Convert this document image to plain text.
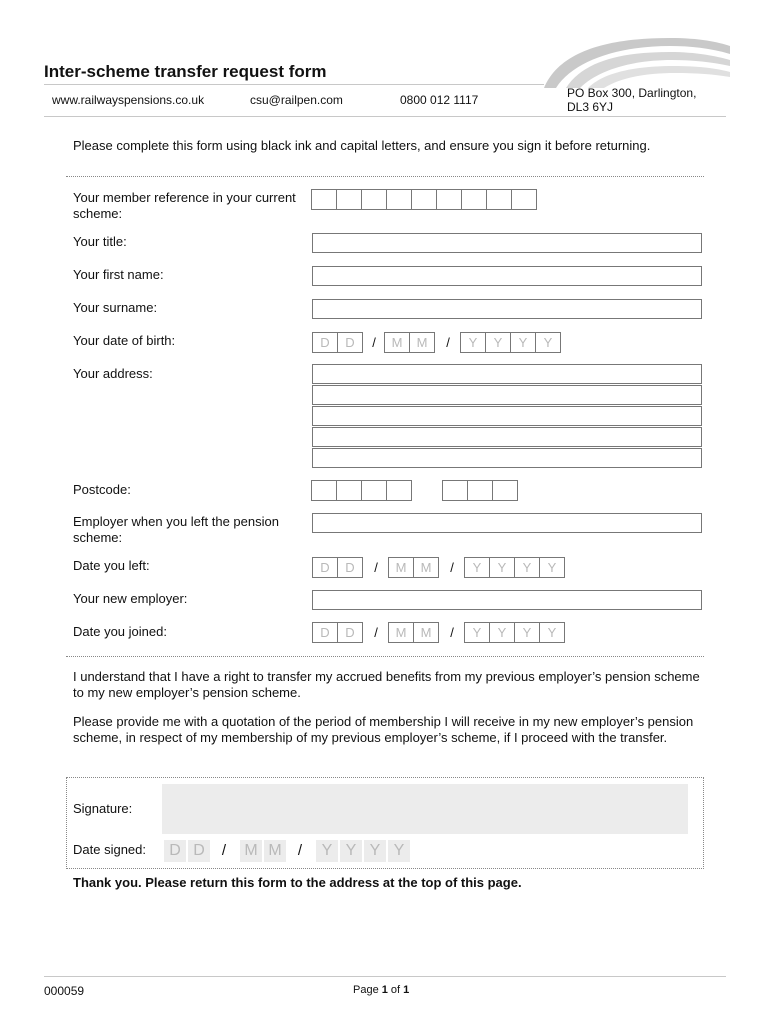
Inter-scheme transfer request form
www.railwayspensions.co.uk	csu@railpen.com	0800 012 1117	PO Box 300, Darlington,
DL3 6YJ
Please complete this form using black ink and capital letters, and ensure you sign it before returning.
Your member reference in your current scheme:
Your title:
Your first name:
Your surname:
Your date of birth:	D	D	/	M	M	/	Y	Y	Y	Y
Your address:
Postcode:
Employer when you left the pension scheme:
Date you left:	D	D	/	M	M	/	Y	Y	Y	Y
Your new employer:
Date you joined:	D	D	/	M	M	/	Y	Y	Y	Y
I understand that I have a right to transfer my accrued benefits from my previous employer’s pension scheme to my new employer’s pension scheme.
Please provide me with a quotation of the period of membership I will receive in my new employer’s pension scheme, in respect of my membership of my previous employer’s scheme, if I proceed with the transfer.
Signature:
Date signed:	D D	/	M M	/	Y Y Y Y
Thank you. Please return this form to the address at the top of this page.
000059	Page 1 of 1
